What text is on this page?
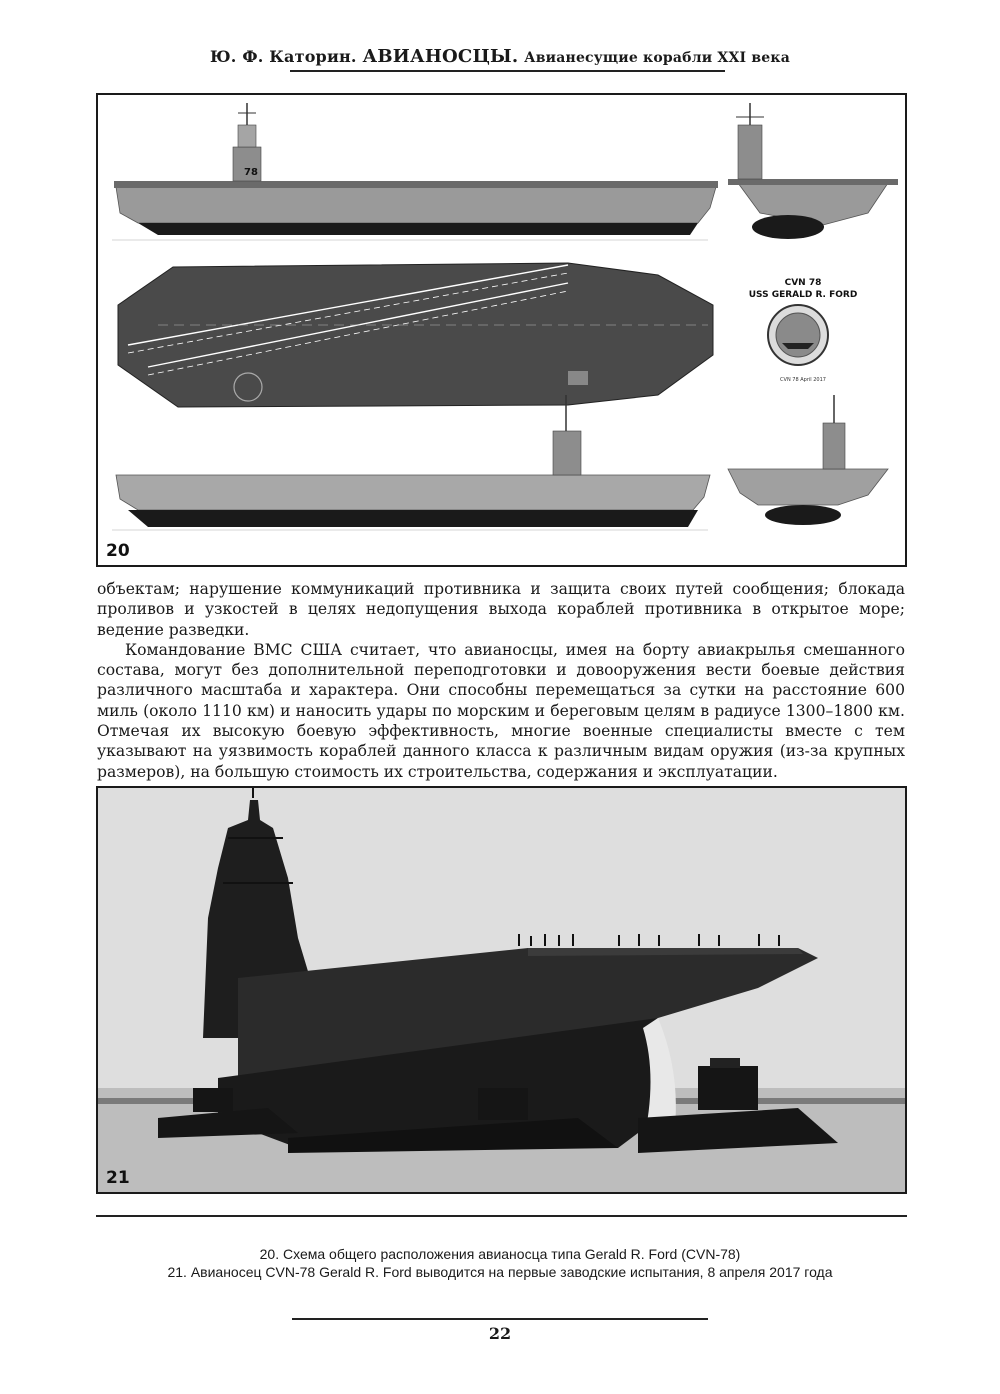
Ю. Ф. Каторин. АВИАНОСЦЫ. Авианесущие корабли XXI века
78
CVN 78
USS GERALD R. FORD
CVN 78 April 2017
20

объектам; нарушение коммуникаций противника и защита своих путей сообщения; блокада проливов и узкостей в целях недопущения выхода кораблей противника в открытое море; ведение разведки.

Командование ВМС США считает, что авианосцы, имея на борту авиакрылья смешанного состава, могут без дополнительной переподготовки и довооружения вести боевые действия различного масштаба и характера. Они способны перемещаться за сутки на расстояние 600 миль (около 1110 км) и наносить удары по морским и береговым целям в радиусе 1300–1800 км. Отмечая их высокую боевую эффективность, многие военные специалисты вместе с тем указывают на уязвимость кораблей данного класса к различным видам оружия (из-за крупных размеров), на большую стоимость их строительства, содержания и эксплуатации.

21
20. Схема общего расположения авианосца типа Gerald R. Ford (CVN-78)
21. Авианосец CVN-78 Gerald R. Ford выводится на первые заводские испытания, 8 апреля 2017 года
22
